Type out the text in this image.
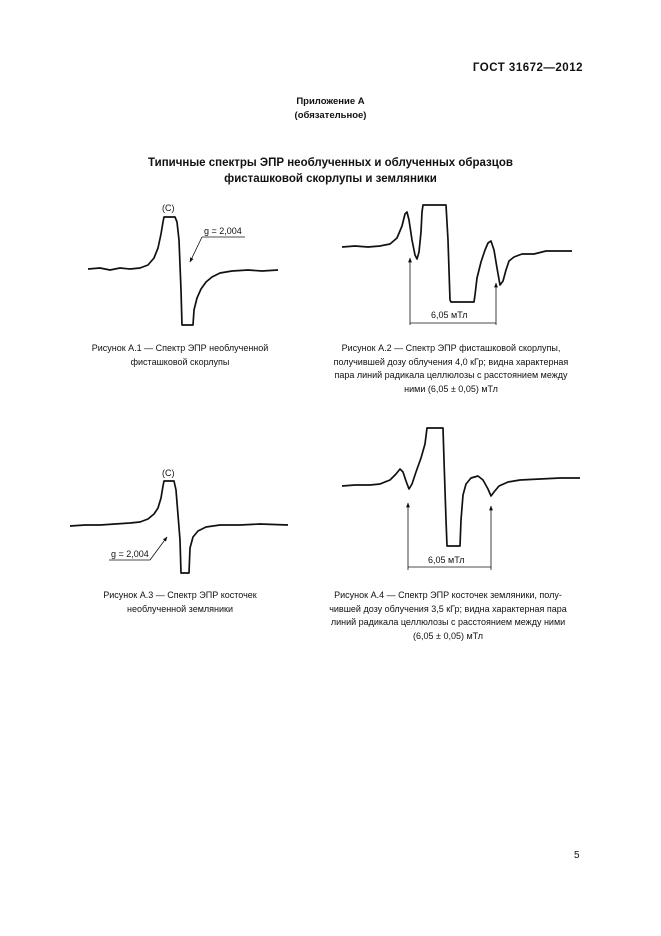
ГОСТ 31672—2012
Приложение А
(обязательное)
Типичные спектры ЭПР необлученных и облученных образцов
фисташковой скорлупы и земляники
(C)
g = 2,004
6,05 мТл
(C)
g = 2,004
6,05 мТл
Рисунок А.1 — Спектр ЭПР необлученной
фисташковой скорлупы
Рисунок А.2 — Спектр ЭПР фисташковой скорлупы,
получившей дозу облучения 4,0 кГр; видна характерная
пара линий радикала целлюлозы с расстоянием между
ними (6,05 ± 0,05) мТл
Рисунок А.3 — Спектр ЭПР косточек
необлученной земляники
Рисунок А.4 — Спектр ЭПР косточек земляники, полу-
чившей дозу облучения 3,5 кГр; видна характерная пара
линий радикала целлюлозы с расстоянием между ними
(6,05 ± 0,05) мТл
5
